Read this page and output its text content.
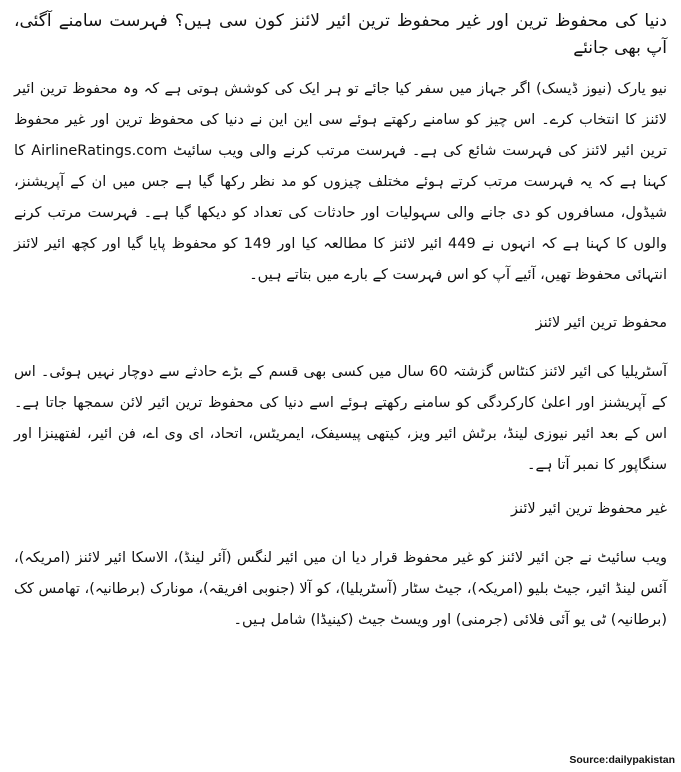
دنیا کی محفوظ ترین اور غیر محفوظ ترین ائیر لائنز کون سی ہیں؟ فہرست سامنے آگئی، آپ بھی جانئے

نیو یارک (نیوز ڈیسک) اگر جہاز میں سفر کیا جائے تو ہر ایک کی کوشش ہوتی ہے کہ وہ محفوظ ترین ائیر لائنز کا انتخاب کرے۔ اس چیز کو سامنے رکھتے ہوئے سی این این نے دنیا کی محفوظ ترین اور غیر محفوظ ترین ائیر لائنز کی فہرست شائع کی ہے۔ فہرست مرتب کرنے والی ویب سائیٹ AirlineRatings.com کا کہنا ہے کہ یہ فہرست مرتب کرتے ہوئے مختلف چیزوں کو مد نظر رکھا گیا ہے جس میں ان کے آپریشنز، شیڈول، مسافروں کو دی جانے والی سہولیات اور حادثات کی تعداد کو دیکھا گیا ہے۔ فہرست مرتب کرنے والوں کا کہنا ہے کہ انہوں نے 449 ائیر لائنز کا مطالعہ کیا اور 149 کو محفوظ پایا گیا اور کچھ ائیر لائنز انتہائی محفوظ تھیں، آئیے آپ کو اس فہرست کے بارے میں بتاتے ہیں۔

محفوظ ترین ائیر لائنز

آسٹریلیا کی ائیر لائنز کنٹاس گزشتہ 60 سال میں کسی بھی قسم کے بڑے حادثے سے دوچار نہیں ہوئی۔ اس کے آپریشنز اور اعلیٰ کارکردگی کو سامنے رکھتے ہوئے اسے دنیا کی محفوظ ترین ائیر لائن سمجھا جاتا ہے۔ اس کے بعد ائیر نیوزی لینڈ، برٹش ائیر ویز، کیتھی پیسیفک، ایمریٹس، اتحاد، ای وی اے، فن ائیر، لفتھینزا اور سنگاپور کا نمبر آتا ہے۔

غیر محفوظ ترین ائیر لائنز

ویب سائیٹ نے جن ائیر لائنز کو غیر محفوظ قرار دیا ان میں ائیر لنگس (آئر لینڈ)، الاسکا ائیر لائنز (امریکہ)، آئس لینڈ ائیر، جیٹ بلیو (امریکہ)، جیٹ سٹار (آسٹریلیا)، کو آلا (جنوبی افریقہ)، مونارک (برطانیہ)، تھامس کک (برطانیہ) ٹی یو آئی فلائی (جرمنی) اور ویسٹ جیٹ (کینیڈا) شامل ہیں۔

Source:dailypakistan
